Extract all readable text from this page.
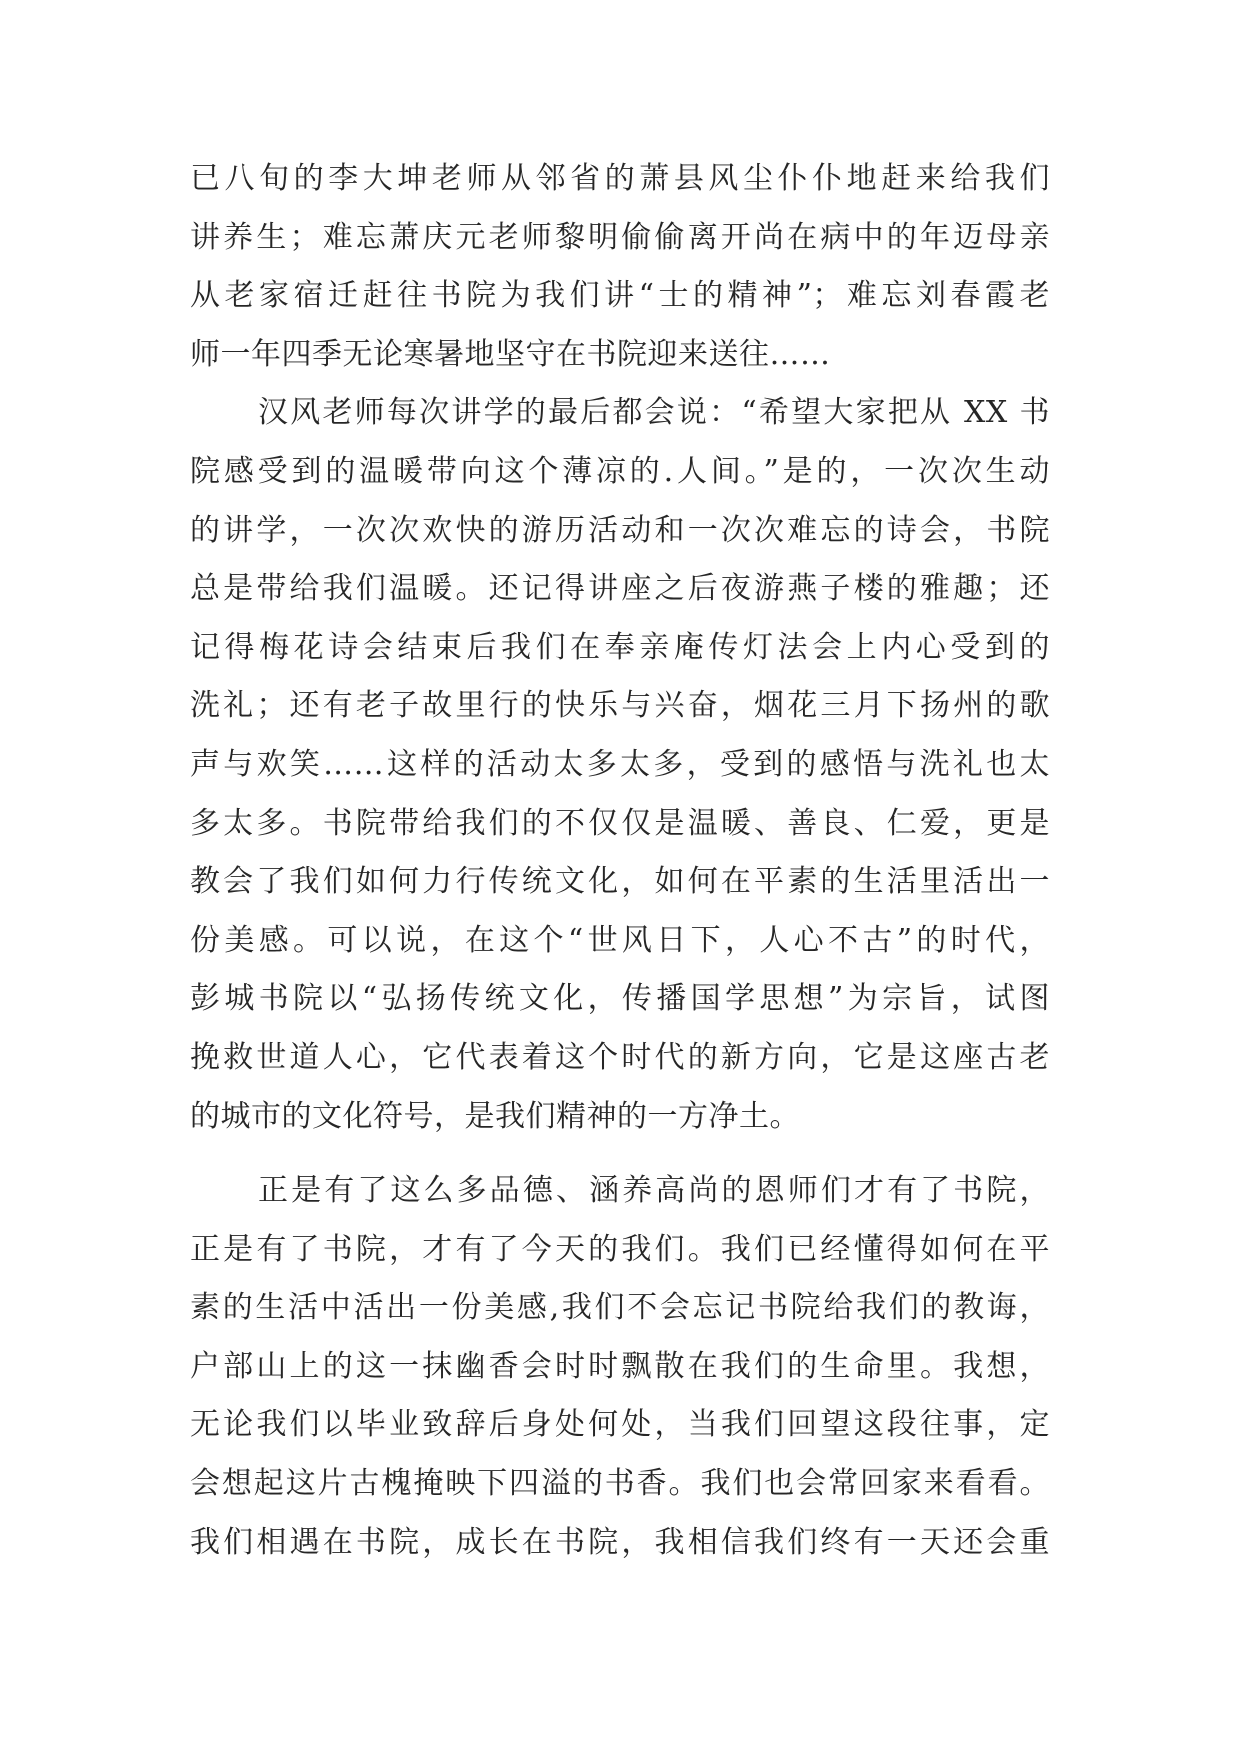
已八旬的李大坤老师从邻省的萧县风尘仆仆地赶来给我们
讲养生；难忘萧庆元老师黎明偷偷离开尚在病中的年迈母亲
从老家宿迁赶往书院为我们讲“士的精神”；难忘刘春霞老
师一年四季无论寒暑地坚守在书院迎来送往……
汉风老师每次讲学的最后都会说：“希望大家把从 XX 书
院感受到的温暖带向这个薄凉的.人间。”是的，一次次生动
的讲学，一次次欢快的游历活动和一次次难忘的诗会，书院
总是带给我们温暖。还记得讲座之后夜游燕子楼的雅趣；还
记得梅花诗会结束后我们在奉亲庵传灯法会上内心受到的
洗礼；还有老子故里行的快乐与兴奋，烟花三月下扬州的歌
声与欢笑……这样的活动太多太多，受到的感悟与洗礼也太
多太多。书院带给我们的不仅仅是温暖、善良、仁爱，更是
教会了我们如何力行传统文化，如何在平素的生活里活出一
份美感。可以说，在这个“世风日下，人心不古”的时代，
彭城书院以“弘扬传统文化，传播国学思想”为宗旨，试图
挽救世道人心，它代表着这个时代的新方向，它是这座古老
的城市的文化符号，是我们精神的一方净土。
正是有了这么多品德、涵养高尚的恩师们才有了书院，
正是有了书院，才有了今天的我们。我们已经懂得如何在平
素的生活中活出一份美感,我们不会忘记书院给我们的教诲，
户部山上的这一抹幽香会时时飘散在我们的生命里。我想，
无论我们以毕业致辞后身处何处，当我们回望这段往事，定
会想起这片古槐掩映下四溢的书香。我们也会常回家来看看。
我们相遇在书院，成长在书院，我相信我们终有一天还会重
